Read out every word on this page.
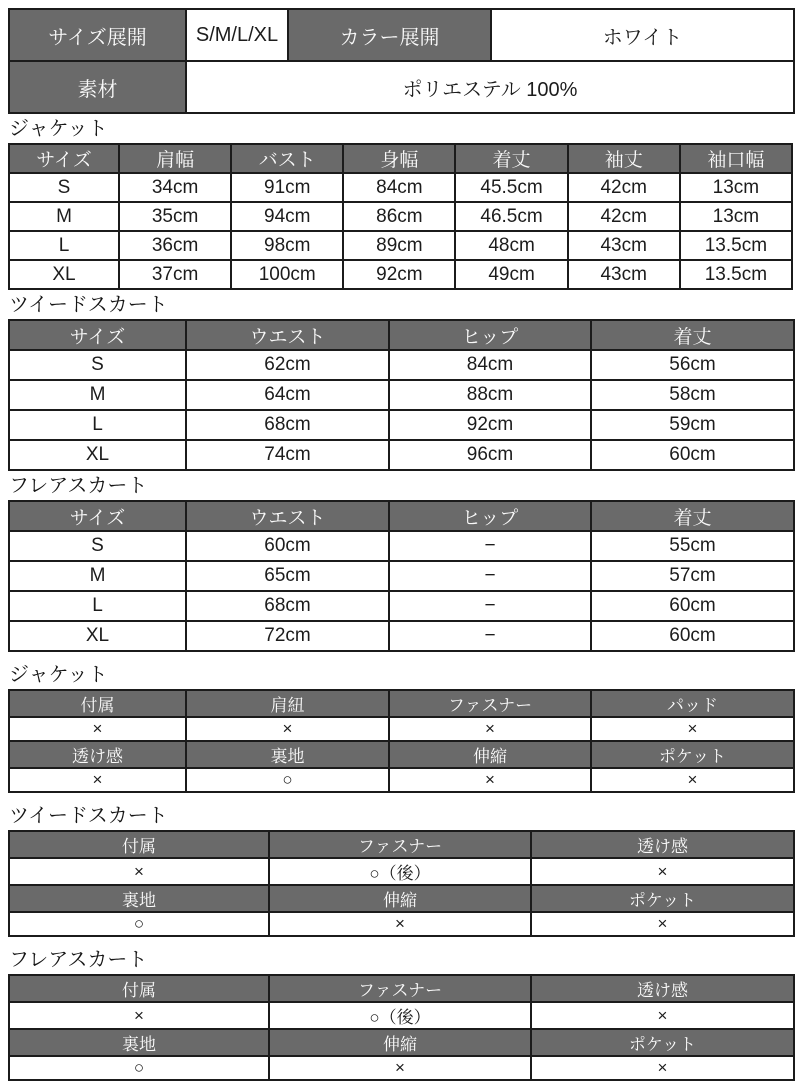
サイズ展開	S/M/L/XL	カラー展開	ホワイト
素材	ポリエステル 100%		
ジャケット
サイズ	肩幅	バスト	身幅	着丈	袖丈	袖口幅
S	34cm	91cm	84cm	45.5cm	42cm	13cm
M	35cm	94cm	86cm	46.5cm	42cm	13cm
L	36cm	98cm	89cm	48cm	43cm	13.5cm
XL	37cm	100cm	92cm	49cm	43cm	13.5cm
ツイードスカート
サイズ	ウエスト	ヒップ	着丈
S	62cm	84cm	56cm
M	64cm	88cm	58cm
L	68cm	92cm	59cm
XL	74cm	96cm	60cm
フレアスカート
サイズ	ウエスト	ヒップ	着丈
S	60cm	−	55cm
M	65cm	−	57cm
L	68cm	−	60cm
XL	72cm	−	60cm
ジャケット
付属	肩紐	ファスナー	パッド
×	×	×	×
透け感	裏地	伸縮	ポケット
×	○	×	×
ツイードスカート
付属	ファスナー	透け感
×	○（後）	×
裏地	伸縮	ポケット
○	×	×
フレアスカート
付属	ファスナー	透け感
×	○（後）	×
裏地	伸縮	ポケット
○	×	×
